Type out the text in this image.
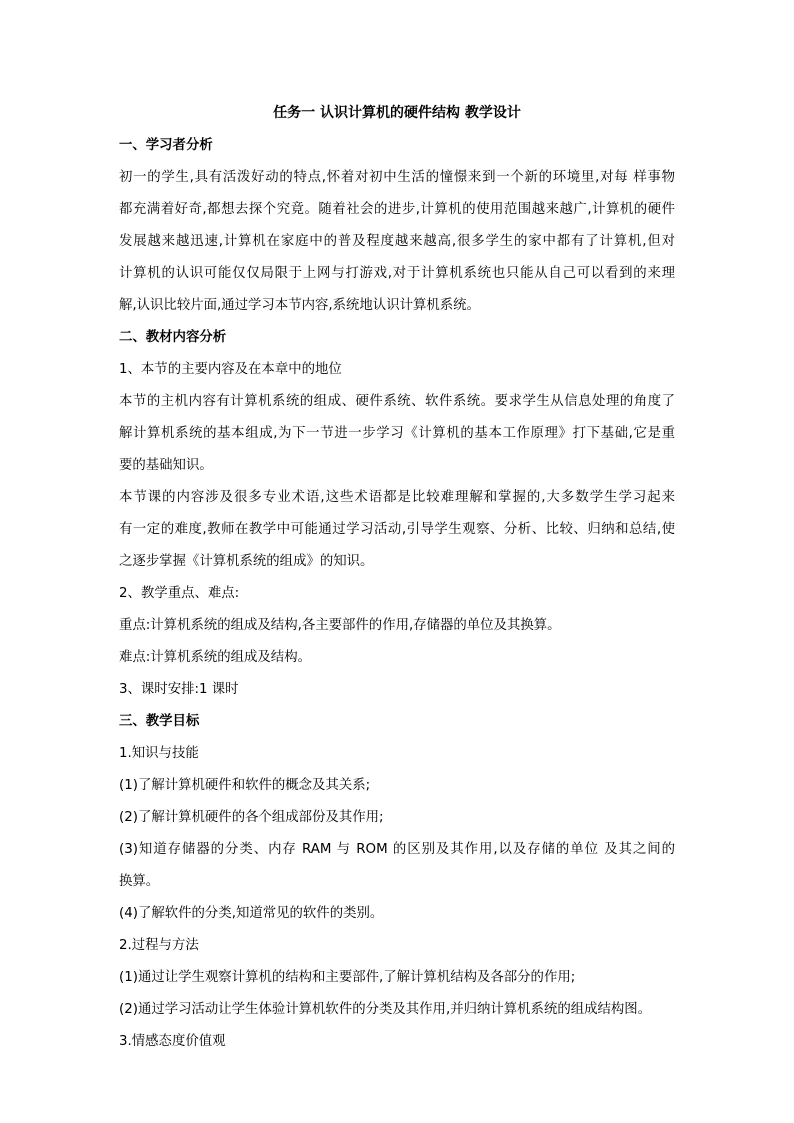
任务一 认识计算机的硬件结构 教学设计
一、学习者分析
初一的学生,具有活泼好动的特点,怀着对初中生活的憧憬来到一个新的环境里,对每 样事物
都充满着好奇,都想去探个究竟。随着社会的进步,计算机的使用范围越来越广,计算机的硬件
发展越来越迅速,计算机在家庭中的普及程度越来越高,很多学生的家中都有了计算机,但对
计算机的认识可能仅仅局限于上网与打游戏,对于计算机系统也只能从自己可以看到的来理
解,认识比较片面,通过学习本节内容,系统地认识计算机系统。
二、教材内容分析
1、本节的主要内容及在本章中的地位
本节的主机内容有计算机系统的组成、硬件系统、软件系统。要求学生从信息处理的角度了
解计算机系统的基本组成,为下一节进一步学习《计算机的基本工作原理》打下基础,它是重
要的基础知识。
本节课的内容涉及很多专业术语,这些术语都是比较难理解和掌握的,大多数学生学习起来
有一定的难度,教师在教学中可能通过学习活动,引导学生观察、分析、比较、归纳和总结,使
之逐步掌握《计算机系统的组成》的知识。
2、教学重点、难点:
重点:计算机系统的组成及结构,各主要部件的作用,存储器的单位及其换算。
难点:计算机系统的组成及结构。
3、课时安排:1 课时
三、教学目标
1.知识与技能
(1)了解计算机硬件和软件的概念及其关系;
(2)了解计算机硬件的各个组成部份及其作用;
(3)知道存储器的分类、内存 RAM 与 ROM 的区别及其作用,以及存储的单位 及其之间的
换算。
(4)了解软件的分类,知道常见的软件的类别。
2.过程与方法
(1)通过让学生观察计算机的结构和主要部件,了解计算机结构及各部分的作用;
(2)通过学习活动让学生体验计算机软件的分类及其作用,并归纳计算机系统的组成结构图。
3.情感态度价值观
